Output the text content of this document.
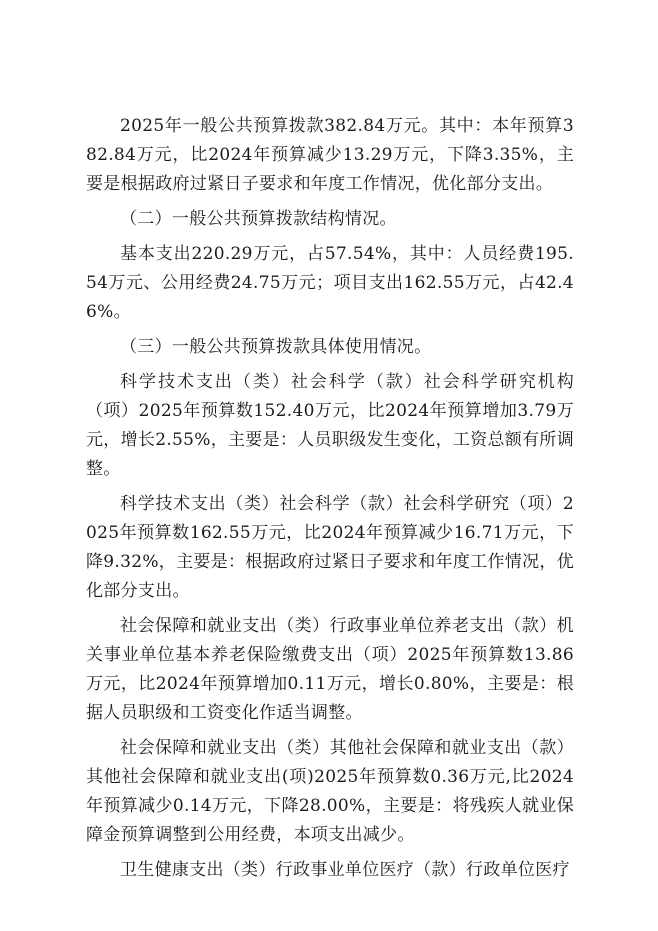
2025年一般公共预算拨款382.84万元。其中：本年预算382.84万元，比2024年预算减少13.29万元，下降3.35%，主要是根据政府过紧日子要求和年度工作情况，优化部分支出。

（二）一般公共预算拨款结构情况。

基本支出220.29万元，占57.54%，其中：人员经费195.54万元、公用经费24.75万元；项目支出162.55万元，占42.46%。

（三）一般公共预算拨款具体使用情况。

科学技术支出（类）社会科学（款）社会科学研究机构（项）2025年预算数152.40万元，比2024年预算增加3.79万元，增长2.55%，主要是：人员职级发生变化，工资总额有所调整。

科学技术支出（类）社会科学（款）社会科学研究（项）2025年预算数162.55万元，比2024年预算减少16.71万元，下降9.32%，主要是：根据政府过紧日子要求和年度工作情况，优化部分支出。

社会保障和就业支出（类）行政事业单位养老支出（款）机关事业单位基本养老保险缴费支出（项）2025年预算数13.86万元，比2024年预算增加0.11万元，增长0.80%，主要是：根据人员职级和工资变化作适当调整。

社会保障和就业支出（类）其他社会保障和就业支出（款）其他社会保障和就业支出(项)2025年预算数0.36万元,比2024年预算减少0.14万元，下降28.00%，主要是：将残疾人就业保障金预算调整到公用经费，本项支出减少。

卫生健康支出（类）行政事业单位医疗（款）行政单位医疗
